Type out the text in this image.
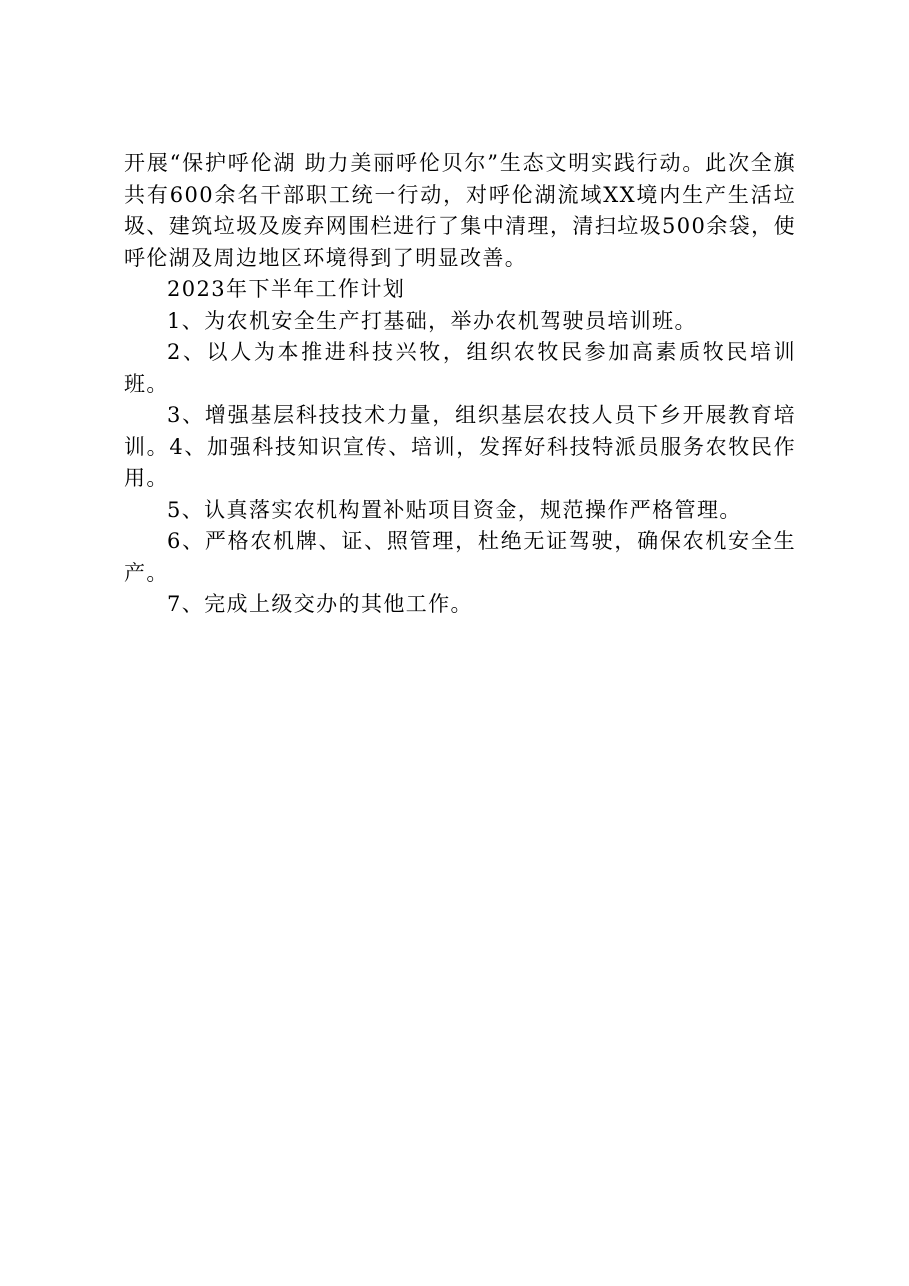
开展“保护呼伦湖 助力美丽呼伦贝尔”生态文明实践行动。此次全旗共有600余名干部职工统一行动，对呼伦湖流域XX境内生产生活垃圾、建筑垃圾及废弃网围栏进行了集中清理，清扫垃圾500余袋，使呼伦湖及周边地区环境得到了明显改善。

2023年下半年工作计划

1、为农机安全生产打基础，举办农机驾驶员培训班。

2、以人为本推进科技兴牧，组织农牧民参加高素质牧民培训班。

3、增强基层科技技术力量，组织基层农技人员下乡开展教育培训。4、加强科技知识宣传、培训，发挥好科技特派员服务农牧民作用。

5、认真落实农机构置补贴项目资金，规范操作严格管理。

6、严格农机牌、证、照管理，杜绝无证驾驶，确保农机安全生产。

7、完成上级交办的其他工作。
